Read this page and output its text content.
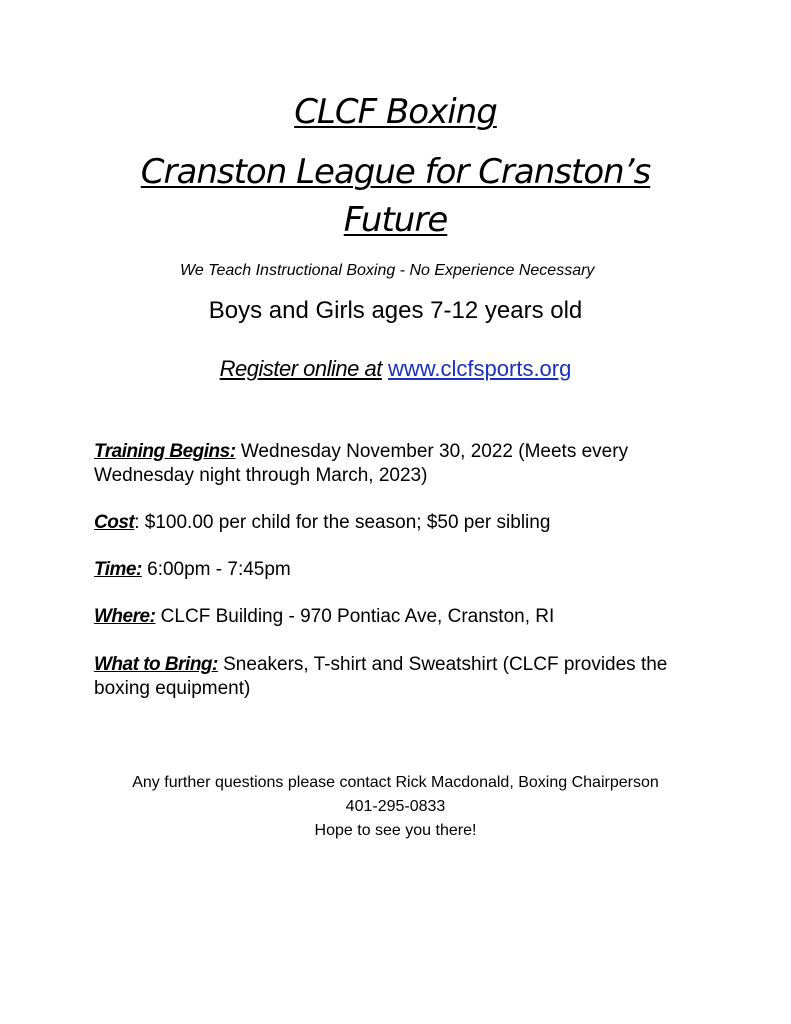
CLCF Boxing
Cranston League for Cranston’s
Future
We Teach Instructional Boxing - No Experience Necessary
Boys and Girls ages 7-12 years old
Register online at www.clcfsports.org
Training Begins: Wednesday November 30, 2022 (Meets every Wednesday night through March, 2023)
Cost: $100.00 per child for the season; $50 per sibling
Time: 6:00pm - 7:45pm
Where: CLCF Building - 970 Pontiac Ave, Cranston, RI
What to Bring: Sneakers, T-shirt and Sweatshirt (CLCF provides the boxing equipment)
Any further questions please contact Rick Macdonald, Boxing Chairperson
401-295-0833
Hope to see you there!
